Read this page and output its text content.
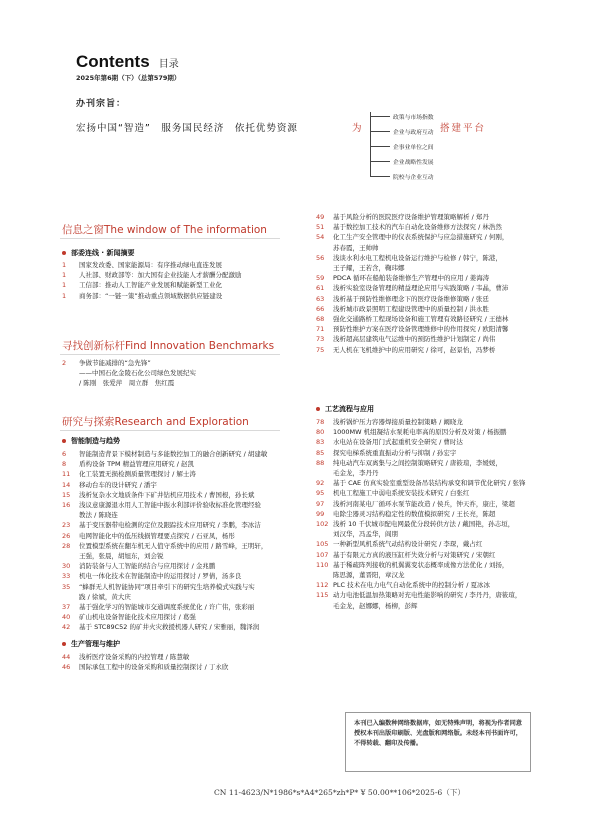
Contents 目录
2025年第6期（下）（总第579期）
办刊宗旨：
宏扬中国“智造”　服务国民经济　依托优势资源	为	搭建平台
政策与市场指数
企业与政府互动
企事业单位之间
企业战略性发展
院校与企业互动
信息之窗The window of The information
部委连线 · 新闻摘要
1	国家发改委、国家能源局：有序推动绿电直连发展
1	人社部、财政部等：加大国有企业技能人才薪酬分配激励
1	工信部：推动人工智能产业发展和赋能新型工业化
1	商务部：“一链一策”推动重点领域数据供应链建设
寻找创新标杆Find Innovation Benchmarks
2	争做节能减排的“急先锋”
——中国石化金陵石化公司绿色发展纪实
/ 陈刚　张爱萍　周立群　焦红霞
研究与探索Research and Exploration
智能制造与趋势
6	智能制造背景下模材制造与多能数控加工的融合创新研究 / 胡建敏
8	盾构设备 TPM 精益管理应用研究 / 赵凯
11	化工装置无损检测质量管理探讨 / 解士涛
14	移动台车的设计研究 / 潘宇
15	浅析复杂水文地质条件下矿井钻机应用技术 / 曹国根，孙长斌
16	浅议意康源退水用人工智能中振水利部评价验收标准化管理经验
教法 / 陈晓连
23	基于变压器带电检测的定位及跟踪技术应用研究 / 李鹏，李冰洁
26	电网智能化中的低压线损管理要点探究 / 石亚凤，杨彤
28	位置模型系统在翻车机无人值守系统中的应用 / 路雪峰，王明轩，
王强，张晨，胡旭东，刘会锐
30	消防装备与人工智能的结合与应用探讨 / 金兆鹏
33	机电一体化技术在智能制造中的运用探讨 / 罗倩，汤多良
35	“蜂群无人机智能协同”项目牵引下的研究生培养模式实践与实
践 / 徐斌，黄大庆
37	基于强化学习的智能城市交通调度系统优化 / 许广伟，张彩丽
40	矿山机电设备智能化技术应用探讨 / 葛强
42	基于 STC89C52 的矿井火灾救援机器人研究 / 宋雅丽，魏泽润
生产管理与维护
44	浅析医疗设备采购的内控管理 / 陈慧敏
46	国际承包工程中的设备采购和质量控制探讨 / 丁永欣
49	基于风险分析的医院医疗设备维护管理策略解析 / 郑丹
51	基于数控加工技术的汽车自动化设备维修方法探究 / 林浩然
54	化工生产安全管理中的仪表系统保护与应急措施研究 / 何刚，
苏春霞，王帅帅
56	浅谈水利水电工程机电设备运行维护与检修 / 韩宁，陈港，
王子耀，王若含，鞠玮娜
59	PDCA 循环在船舶装备维修生产管理中的应用 / 姜海涛
61	浅析实验室设备管理的精益理论应用与实践策略 / 韦晶，曹沛
63	浅析基于预防性维修理念下的医疗设备维修策略 / 张廷
66	浅析城市政景照明工程建设管理中的质量控制 / 洪永胜
68	强化交通路桥工程现场设备和施工管理有效路径研究 / 王德林
71	预防性维护方案在医疗设备管理维修中的作用探究 / 欧阳清馨
73	浅析超高层建筑电气运维中的预防性维护计划制定 / 尚伟
75	无人机在飞机维护中的应用研究 / 徐可，赵景怡，冯梦桥
工艺流程与应用
78	浅析锅炉压力容器焊接质量控制策略 / 阚晓龙
80	1000MW 机组凝结水泵耗电率高的原因分析及对策 / 杨振鹏
83	水电站在设备用门式起重机安全研究 / 曹时达
85	探究电梯系统重直振动分析与抑制 / 孙宏宇
88	纯电动汽车双离集与之间控制策略研究 / 唐筱瑄，李媛媛，
毛金龙，李丹丹
92	基于 CAE 仿真实验室重型设备吊装结构承变和调节优化研究 / 张锋
95	机电工程施工中弱电系统安装技术研究 / 白张红
97	浅析河南某电厂循环水泵节能改造 / 侯兵，钟天祚，康庄，梁超
99	电除尘器灵习结构稳定性的数值模拟研究 / 王长亮，陈超
102 浅析 10 千伏城市配电网最优分段转供方法 / 戴国艳，孙志垣，
刘汉华，冯孟华，阎朋
105 一种新型风机系统气动结构设计研究 / 李琛，戴占红
107 基于有限元方真的液压缸杆失效分析与对策研究 / 宋朝红
110 基于稀疏阵列接收的机翼翼变状态概率成像方法优化 / 刘扬，
陈思源，董晋阳，章汉龙
112 PLC 技术在电力电气自动化系统中的控制分析 / 夏冰冰
115 动力电池低温加热策略对充电性能影响的研究 / 李丹丹，唐筱瑄，
毛金龙，赵娜娜，杨柳，彭辉
本刊已入编数种网络数据库，如无特殊声明，将视为作者同意授权本刊出版印刷版、光盘版和网络版。未经本刊书面许可，不得转载、翻印及传播。
CN 11-4623/N*1986*s*A4*265*zh*P* ¥ 50.00**106*2025-6（下）
